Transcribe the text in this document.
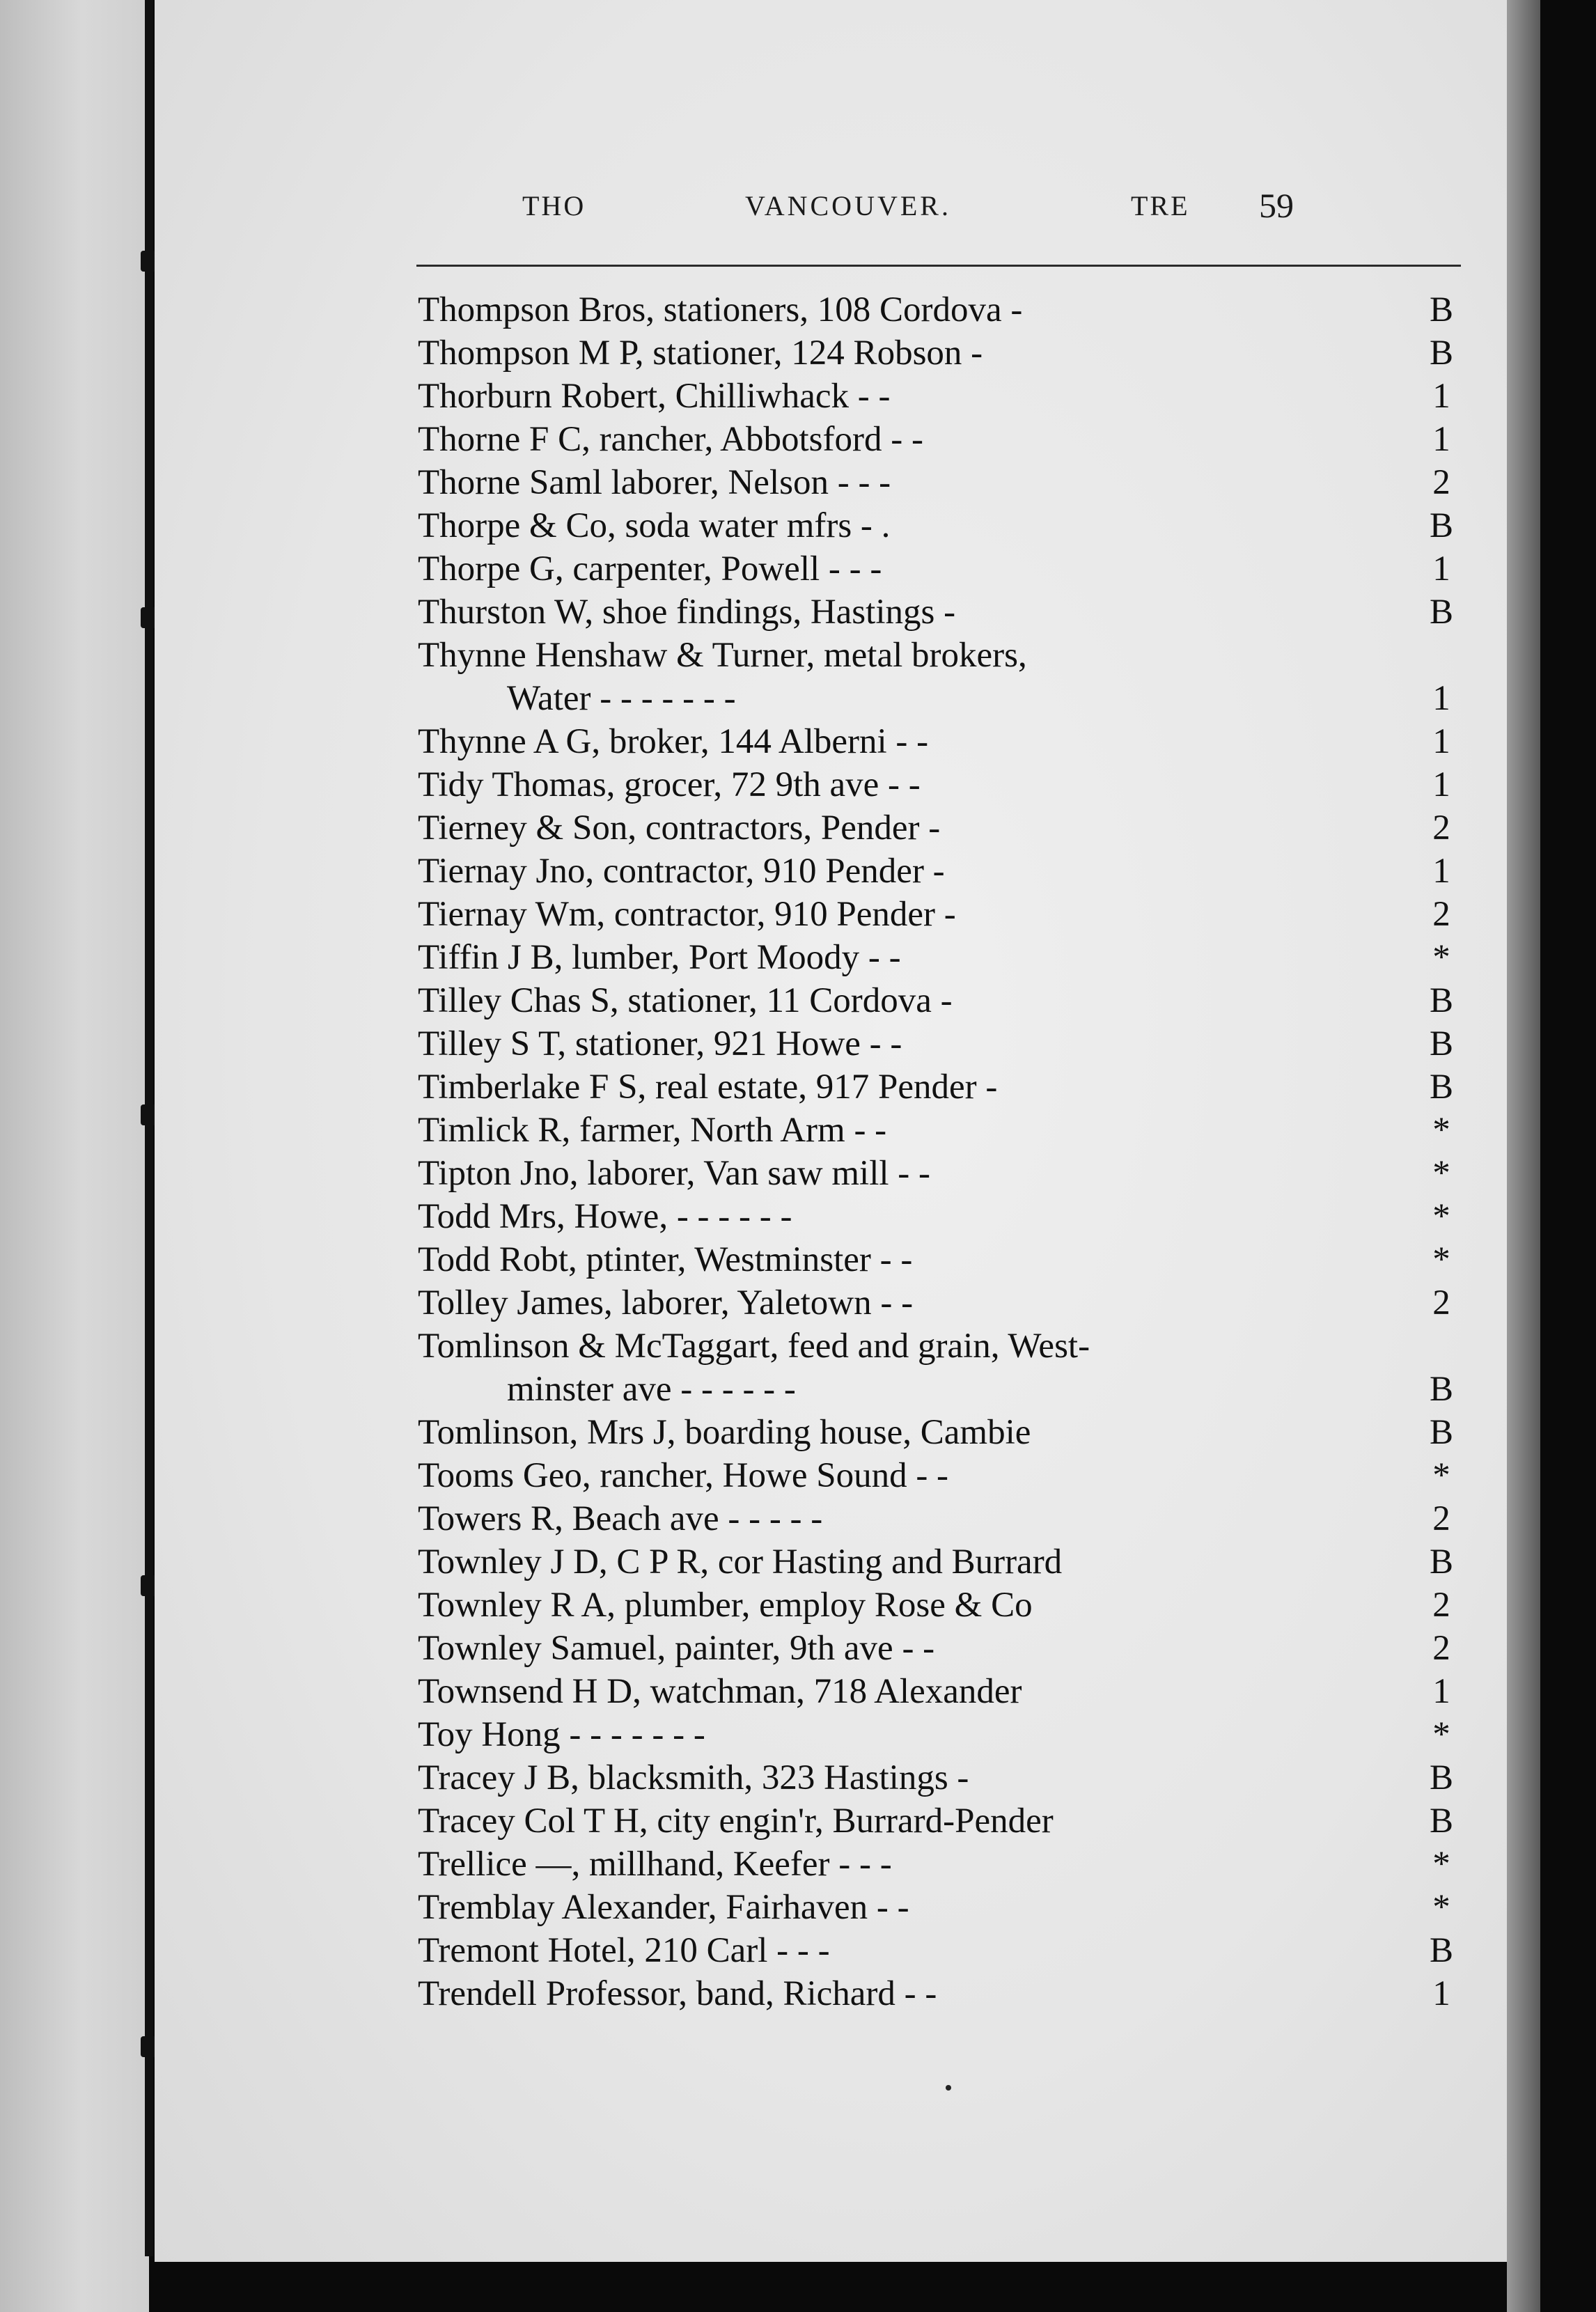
THO	VANCOUVER.	TRE 59
Thompson Bros, stationers, 108 Cordova -	B
Thompson M P, stationer, 124 Robson -	B
Thorburn Robert, Chilliwhack - -	1
Thorne F C, rancher, Abbotsford - -	1
Thorne Saml laborer, Nelson - - -	2
Thorpe & Co, soda water mfrs - .	B
Thorpe G, carpenter, Powell - - -	1
Thurston W, shoe findings, Hastings -	B
Thynne Henshaw & Turner, metal brokers,
Water - - - - - - -	1
Thynne A G, broker, 144 Alberni - -	1
Tidy Thomas, grocer, 72 9th ave - -	1
Tierney & Son, contractors, Pender -	2
Tiernay Jno, contractor, 910 Pender -	1
Tiernay Wm, contractor, 910 Pender -	2
Tiffin J B, lumber, Port Moody - -	*
Tilley Chas S, stationer, 11 Cordova -	B
Tilley S T, stationer, 921 Howe - -	B
Timberlake F S, real estate, 917 Pender -	B
Timlick R, farmer, North Arm - -	*
Tipton Jno, laborer, Van saw mill - -	*
Todd Mrs, Howe, - - - - - -	*
Todd Robt, ptinter, Westminster - -	*
Tolley James, laborer, Yaletown - -	2
Tomlinson & McTaggart, feed and grain, West-
minster ave - - - - - -	B
Tomlinson, Mrs J, boarding house, Cambie	B
Tooms Geo, rancher, Howe Sound - -	*
Towers R, Beach ave - - - - -	2
Townley J D, C P R, cor Hasting and Burrard	B
Townley R A, plumber, employ Rose & Co	2
Townley Samuel, painter, 9th ave - -	2
Townsend H D, watchman, 718 Alexander	1
Toy Hong - - - - - - -	*
Tracey J B, blacksmith, 323 Hastings -	B
Tracey Col T H, city engin'r, Burrard-Pender	B
Trellice —, millhand, Keefer - - -	*
Tremblay Alexander, Fairhaven - -	*
Tremont Hotel, 210 Carl - - -	B
Trendell Professor, band, Richard - -	1
